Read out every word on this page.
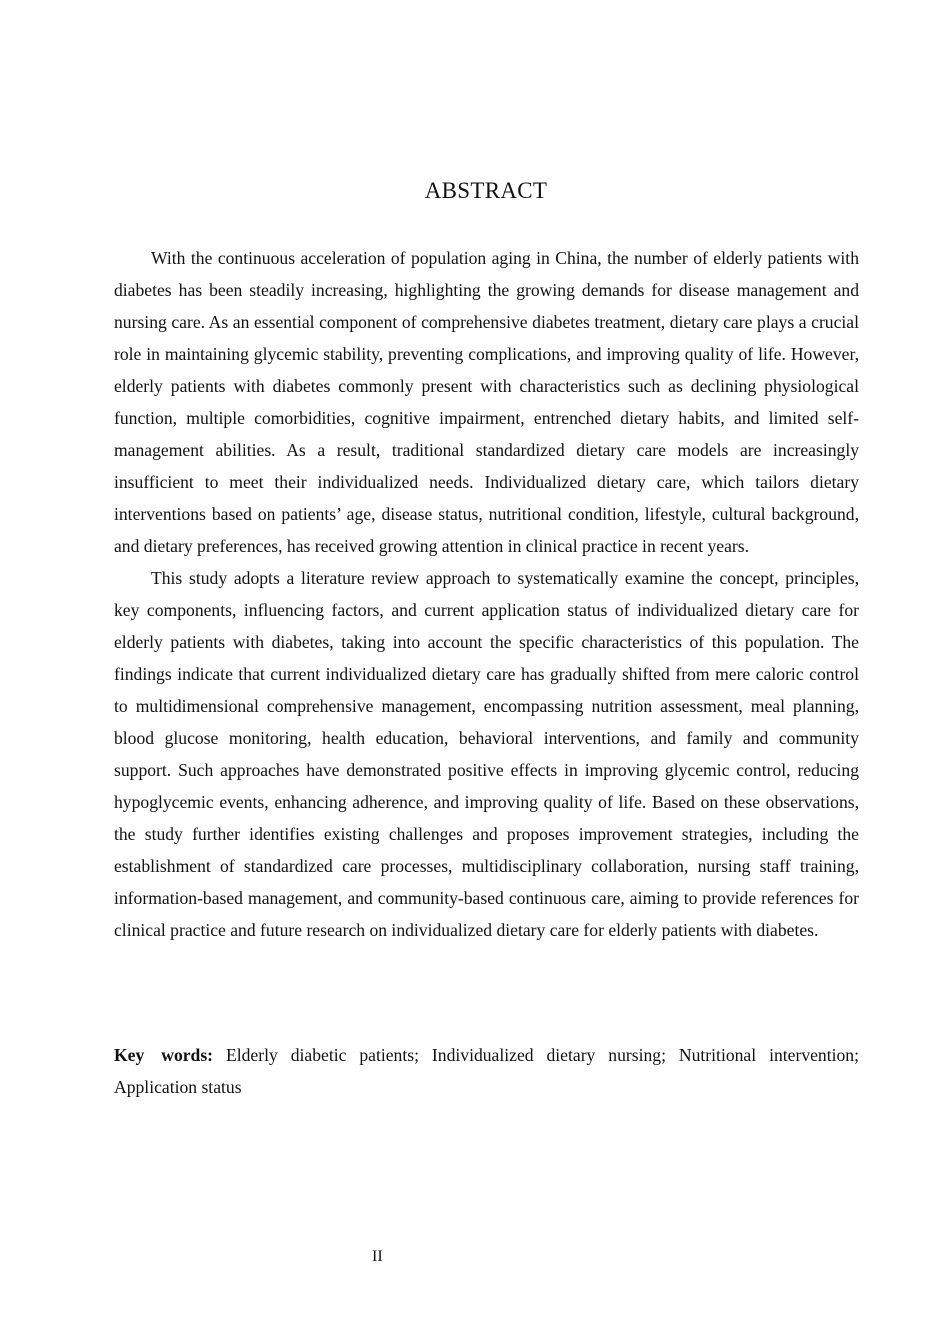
ABSTRACT

With the continuous acceleration of population aging in China, the number of elderly patients with diabetes has been steadily increasing, highlighting the growing demands for disease management and nursing care. As an essential component of comprehensive diabetes treatment, dietary care plays a crucial role in maintaining glycemic stability, preventing complications, and improving quality of life. However, elderly patients with diabetes commonly present with characteristics such as declining physiological function, multiple comorbidities, cognitive impairment, entrenched dietary habits, and limited self-management abilities. As a result, traditional standardized dietary care models are increasingly insufficient to meet their individualized needs. Individualized dietary care, which tailors dietary interventions based on patients’ age, disease status, nutritional condition, lifestyle, cultural background, and dietary preferences, has received growing attention in clinical practice in recent years.

This study adopts a literature review approach to systematically examine the concept, principles, key components, influencing factors, and current application status of individualized dietary care for elderly patients with diabetes, taking into account the specific characteristics of this population. The findings indicate that current individualized dietary care has gradually shifted from mere caloric control to multidimensional comprehensive management, encompassing nutrition assessment, meal planning, blood glucose monitoring, health education, behavioral interventions, and family and community support. Such approaches have demonstrated positive effects in improving glycemic control, reducing hypoglycemic events, enhancing adherence, and improving quality of life. Based on these observations, the study further identifies existing challenges and proposes improvement strategies, including the establishment of standardized care processes, multidisciplinary collaboration, nursing staff training, information-based management, and community-based continuous care, aiming to provide references for clinical practice and future research on individualized dietary care for elderly patients with diabetes.

Key words: Elderly diabetic patients; Individualized dietary nursing; Nutritional intervention; Application status

II
